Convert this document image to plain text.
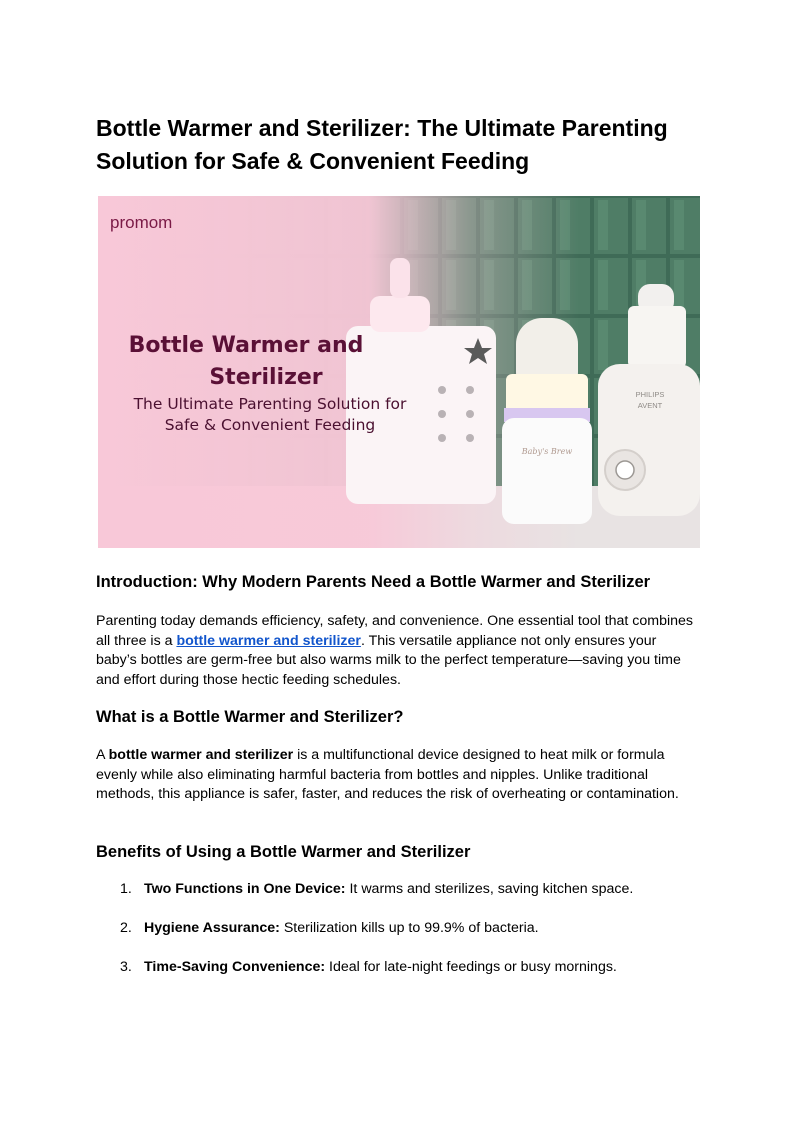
Bottle Warmer and Sterilizer: The Ultimate Parenting Solution for Safe & Convenient Feeding
Baby's Brew
PHILIPS
AVENT
promom
Bottle Warmer and
Sterilizer
The Ultimate Parenting Solution for
Safe & Convenient Feeding
Introduction: Why Modern Parents Need a Bottle Warmer and Sterilizer

Parenting today demands efficiency, safety, and convenience. One essential tool that combines all three is a bottle warmer and sterilizer. This versatile appliance not only ensures your baby’s bottles are germ-free but also warms milk to the perfect temperature—saving you time and effort during those hectic feeding schedules.

What is a Bottle Warmer and Sterilizer?

A bottle warmer and sterilizer is a multifunctional device designed to heat milk or formula evenly while also eliminating harmful bacteria from bottles and nipples. Unlike traditional methods, this appliance is safer, faster, and reduces the risk of overheating or contamination.

Benefits of Using a Bottle Warmer and Sterilizer
1. Two Functions in One Device: It warms and sterilizes, saving kitchen space.
2. Hygiene Assurance: Sterilization kills up to 99.9% of bacteria.
3. Time-Saving Convenience: Ideal for late-night feedings or busy mornings.
